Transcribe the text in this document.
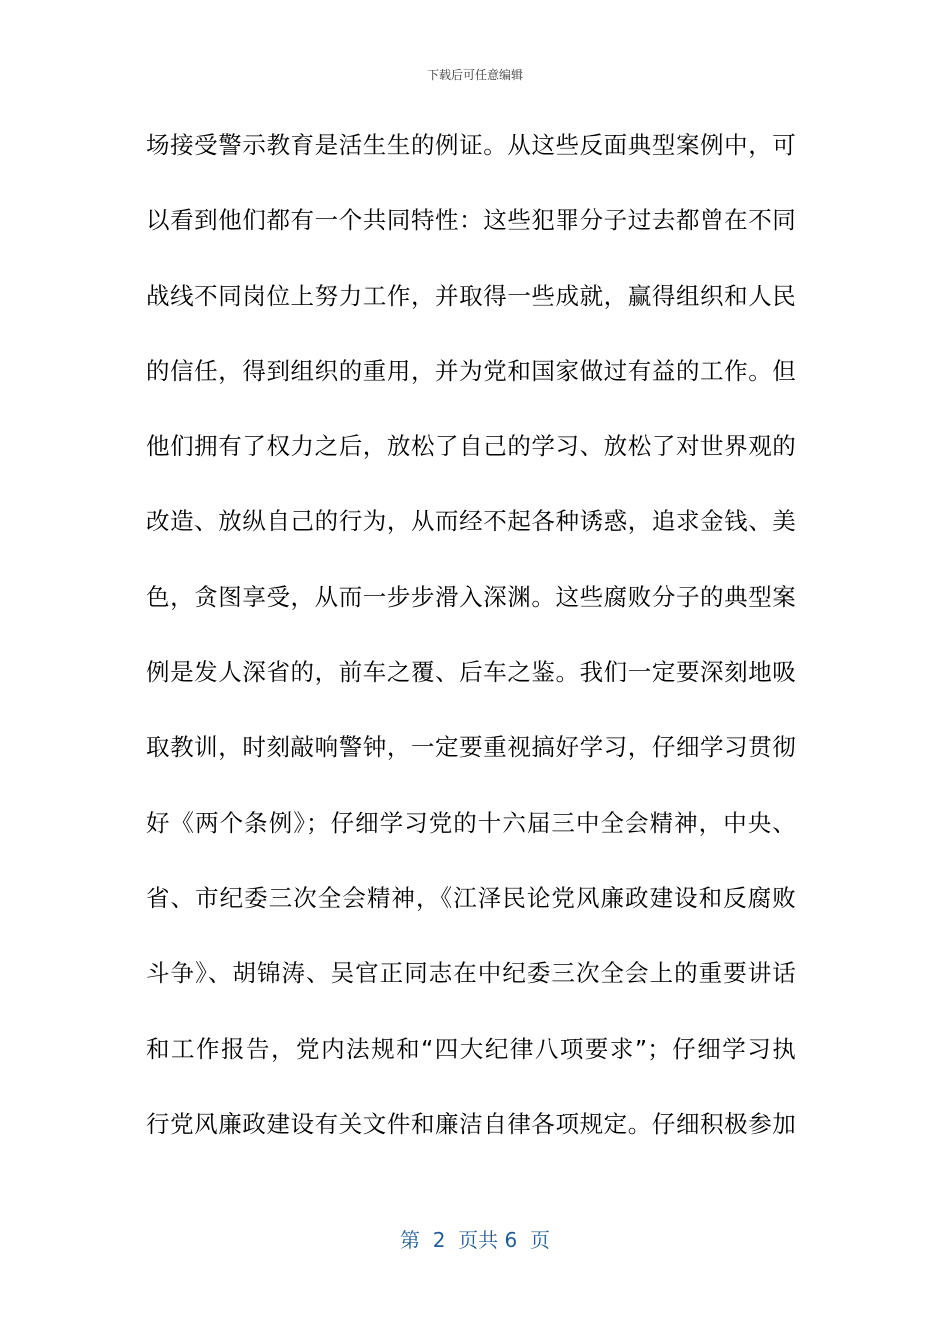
下载后可任意编辑
场接受警示教育是活生生的例证。从这些反面典型案例中，可
以看到他们都有一个共同特性：这些犯罪分子过去都曾在不同
战线不同岗位上努力工作，并取得一些成就，赢得组织和人民
的信任，得到组织的重用，并为党和国家做过有益的工作。但
他们拥有了权力之后，放松了自己的学习、放松了对世界观的
改造、放纵自己的行为，从而经不起各种诱惑，追求金钱、美
色，贪图享受，从而一步步滑入深渊。这些腐败分子的典型案
例是发人深省的，前车之覆、后车之鉴。我们一定要深刻地吸
取教训，时刻敲响警钟，一定要重视搞好学习，仔细学习贯彻
好《两个条例》；仔细学习党的十六届三中全会精神，中央、
省、市纪委三次全会精神，《江泽民论党风廉政建设和反腐败
斗争》、胡锦涛、吴官正同志在中纪委三次全会上的重要讲话
和工作报告，党内法规和“四大纪律八项要求”；仔细学习执
行党风廉政建设有关文件和廉洁自律各项规定。仔细积极参加
第  2  页共 6  页
